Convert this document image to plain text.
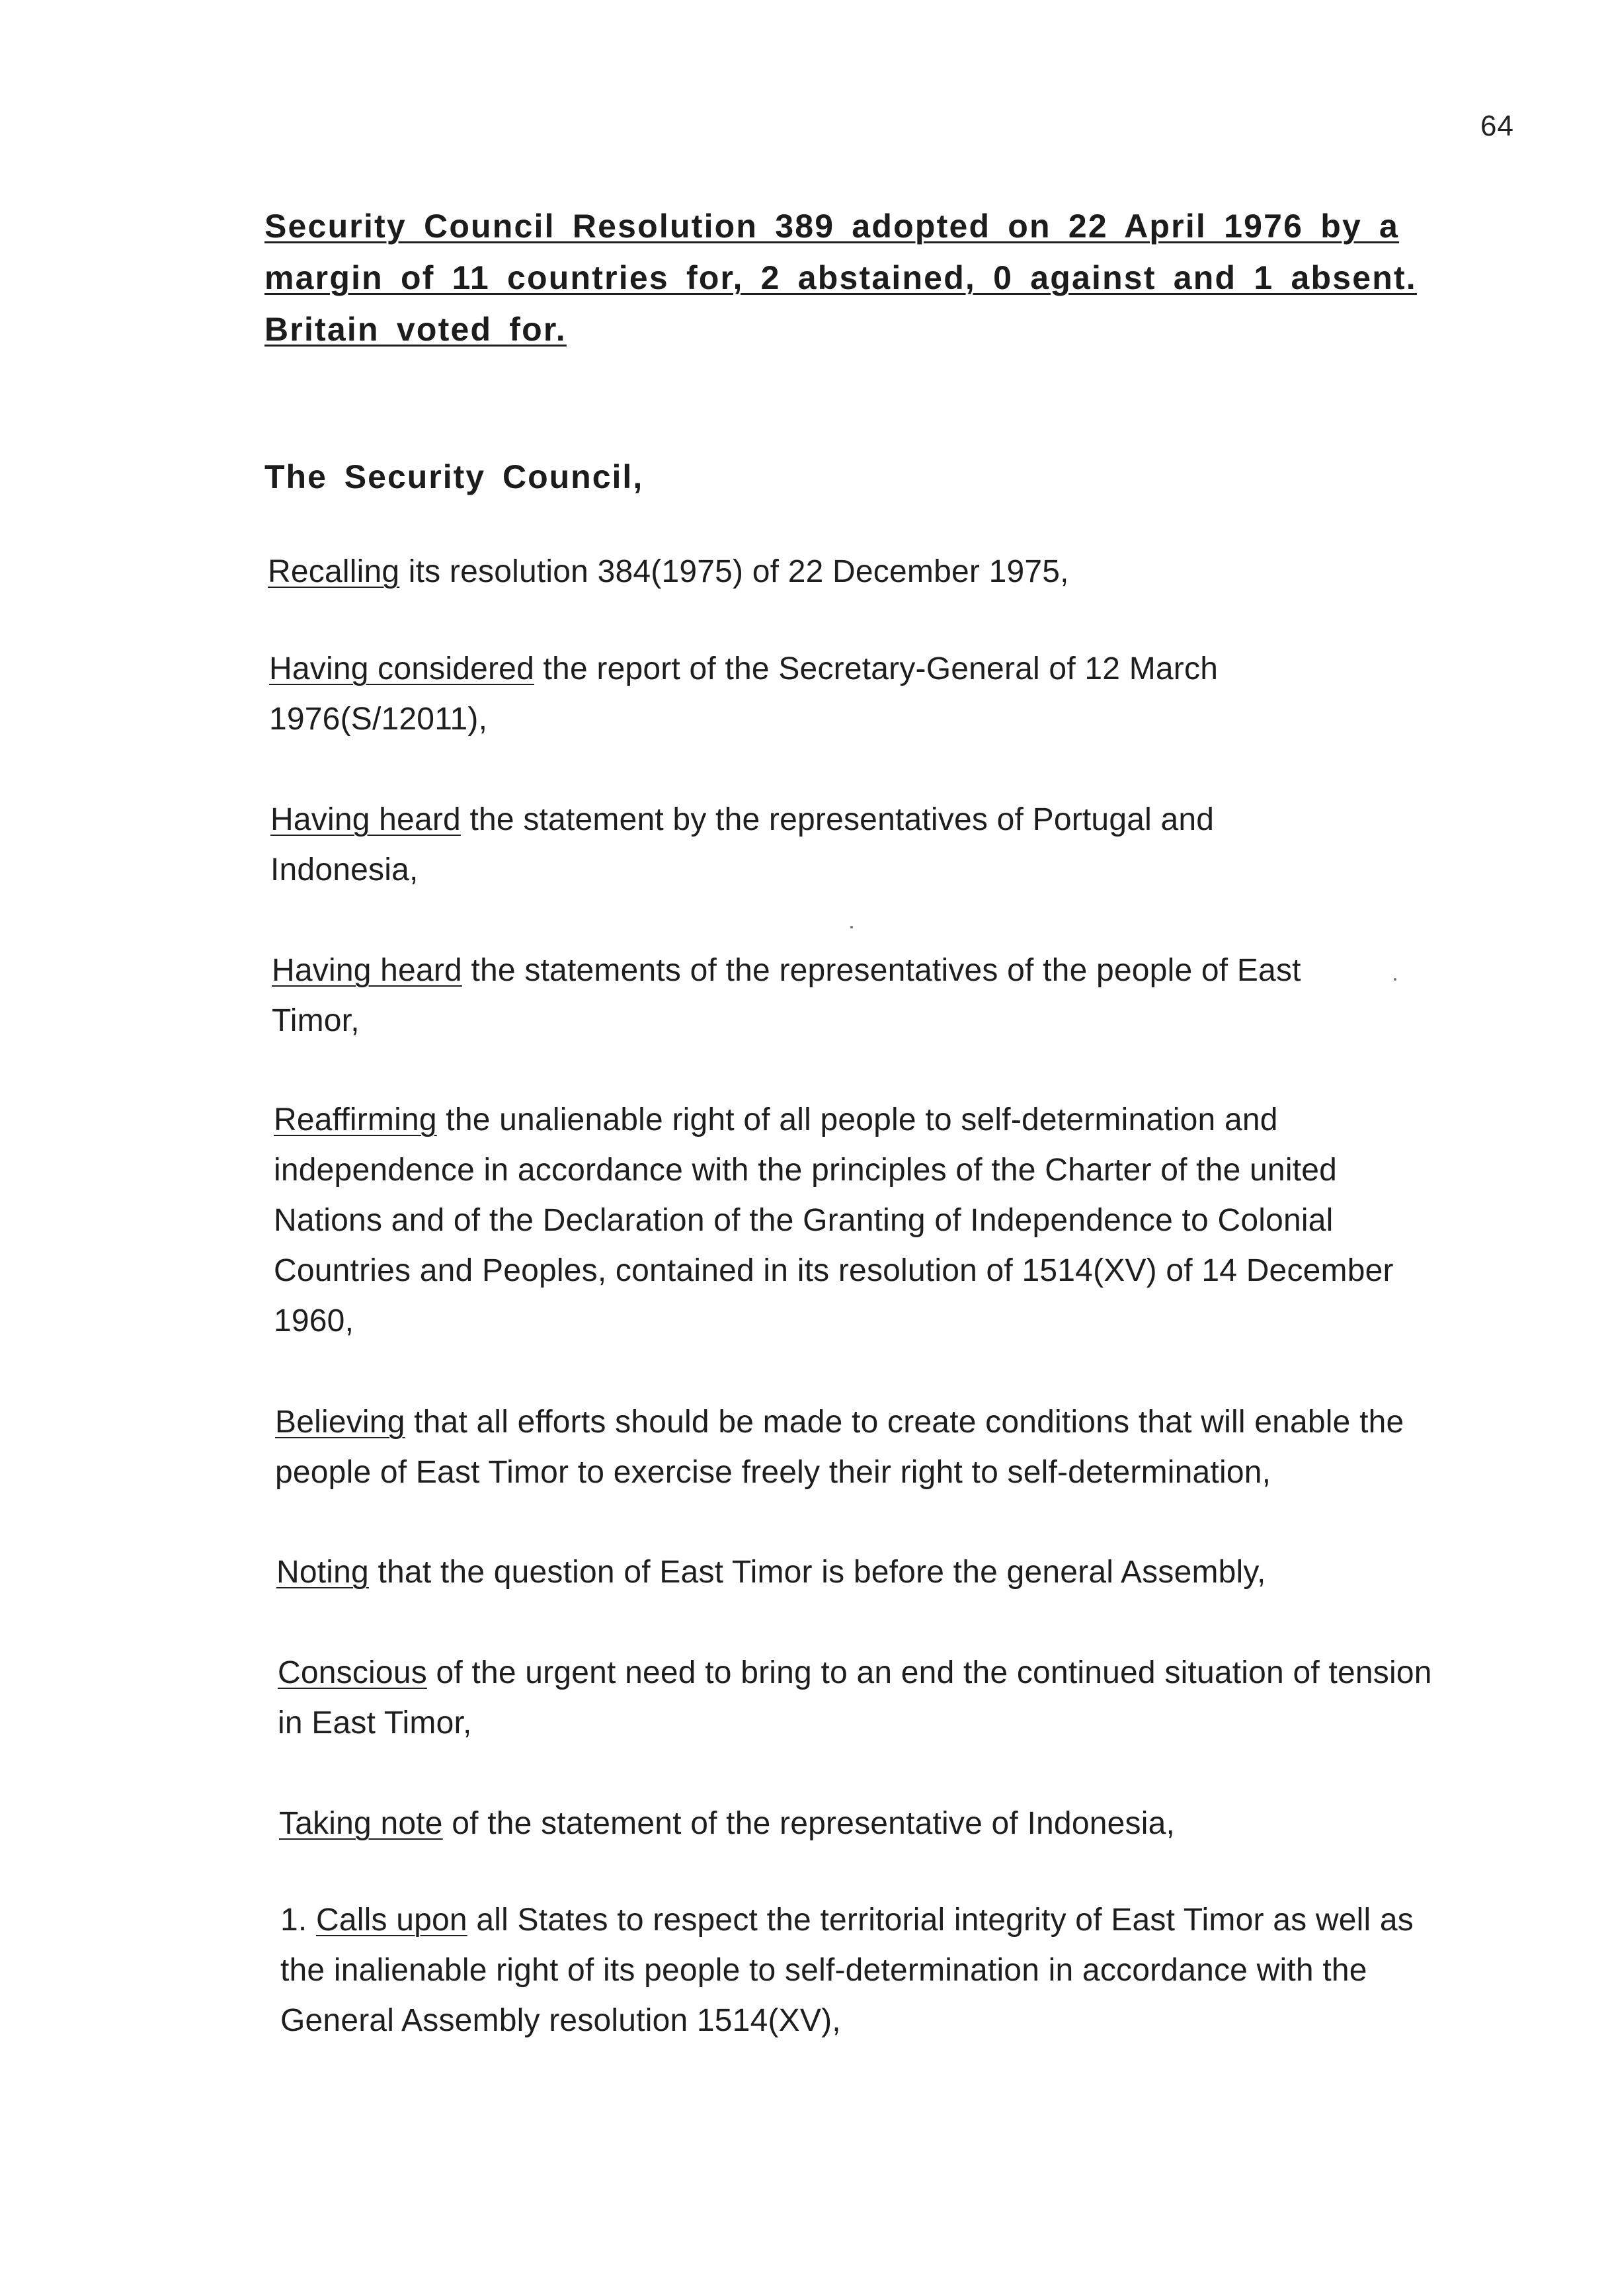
64
Security Council Resolution 389 adopted on 22 April 1976 by a margin of 11 countries for, 2 abstained, 0 against and 1 absent. Britain voted for.
The Security Council,

Recalling its resolution 384(1975) of 22 December 1975,

Having considered the report of the Secretary-General of 12 March 1976(S/12011),

Having heard the statement by the representatives of Portugal and Indonesia,

Having heard the statements of the representatives of the people of East Timor,

Reaffirming the unalienable right of all people to self-determination and independence in accordance with the principles of the Charter of the united Nations and of the Declaration of the Granting of Independence to Colonial Countries and Peoples, contained in its resolution of 1514(XV) of 14 December 1960,

Believing that all efforts should be made to create conditions that will enable the people of East Timor to exercise freely their right to self-determination,

Noting that the question of East Timor is before the general Assembly,

Conscious of the urgent need to bring to an end the continued situation of tension in East Timor,

Taking note of the statement of the representative of Indonesia,

1. Calls upon all States to respect the territorial integrity of East Timor as well as the inalienable right of its people to self-determination in accordance with the General Assembly resolution 1514(XV),
